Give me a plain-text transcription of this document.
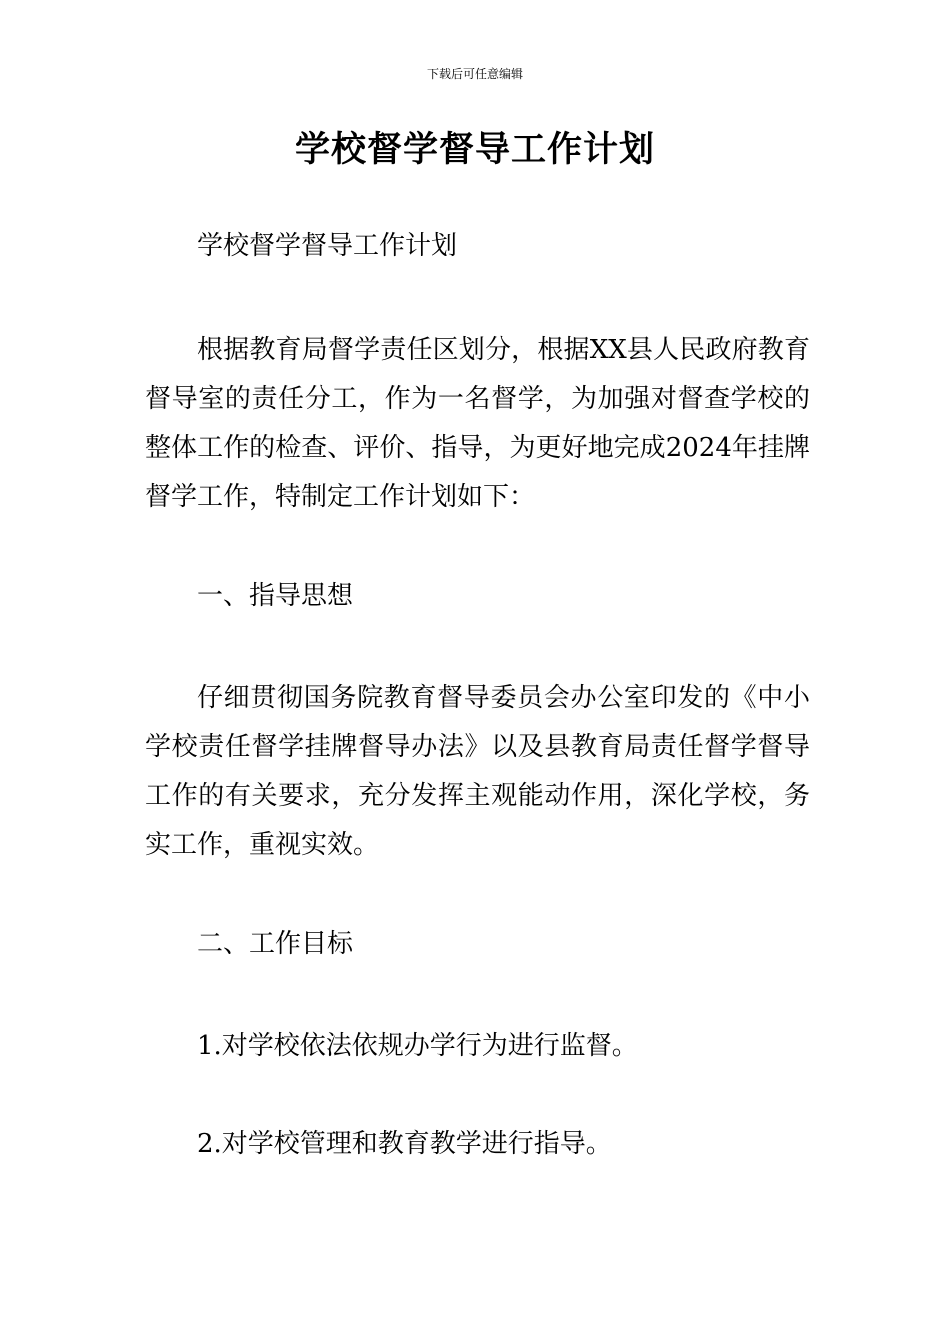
下载后可任意编辑
学校督学督导工作计划

学校督学督导工作计划

根据教育局督学责任区划分，根据XX县人民政府教育督导室的责任分工，作为一名督学，为加强对督查学校的整体工作的检查、评价、指导，为更好地完成2024年挂牌督学工作，特制定工作计划如下：

一、指导思想

仔细贯彻国务院教育督导委员会办公室印发的《中小学校责任督学挂牌督导办法》以及县教育局责任督学督导工作的有关要求，充分发挥主观能动作用，深化学校，务实工作，重视实效。

二、工作目标

1.对学校依法依规办学行为进行监督。

2.对学校管理和教育教学进行指导。
